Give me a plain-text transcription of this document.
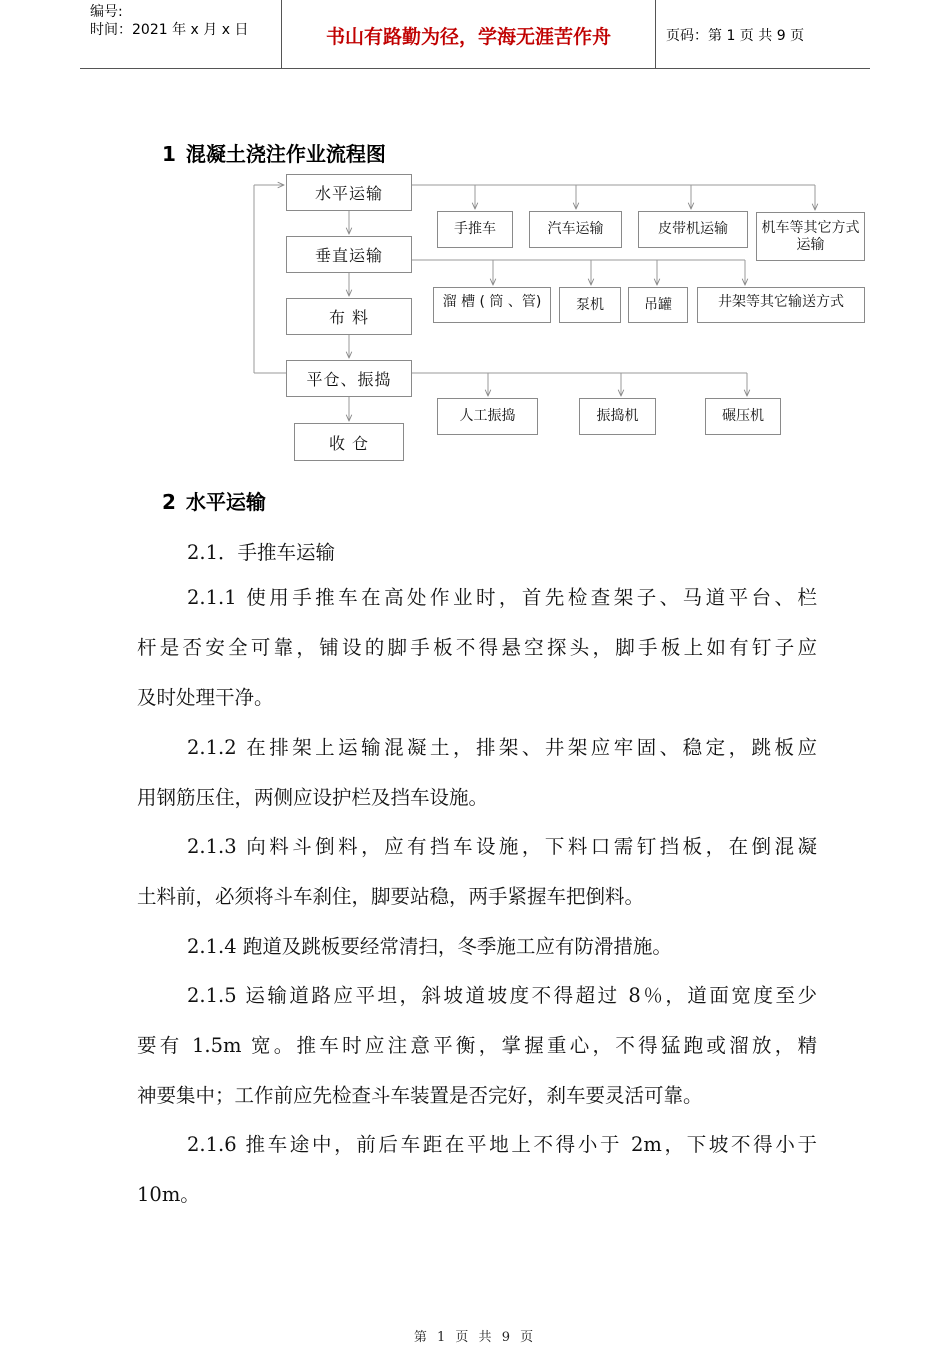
编号:
时间：2021 年 x 月 x 日	书山有路勤为径，学海无涯苦作舟	页码：第 1 页 共 9 页
1 混凝土浇注作业流程图
水平运输
垂直运输
布 料
平仓、振捣
收 仓
手推车	汽车运输	皮带机运输	机车等其它方式运输
溜 槽 ( 筒 、管)	泵机	吊罐	井架等其它输送方式
人工振捣	振捣机	碾压机
2 水平运输
2.1．手推车运输
2.1.1 使用手推车在高处作业时，首先检查架子、马道平台、栏
杆是否安全可靠，铺设的脚手板不得悬空探头，脚手板上如有钉子应
及时处理干净。
2.1.2 在排架上运输混凝土，排架、井架应牢固、稳定，跳板应
用钢筋压住，两侧应设护栏及挡车设施。
2.1.3 向料斗倒料，应有挡车设施，下料口需钉挡板，在倒混凝
土料前，必须将斗车刹住，脚要站稳，两手紧握车把倒料。
2.1.4 跑道及跳板要经常清扫，冬季施工应有防滑措施。
2.1.5 运输道路应平坦，斜坡道坡度不得超过 8％，道面宽度至少
要有 1.5m 宽。推车时应注意平衡，掌握重心，不得猛跑或溜放，精
神要集中；工作前应先检查斗车装置是否完好，刹车要灵活可靠。
2.1.6 推车途中，前后车距在平地上不得小于 2m，下坡不得小于
10m。
第 1 页 共 9 页
